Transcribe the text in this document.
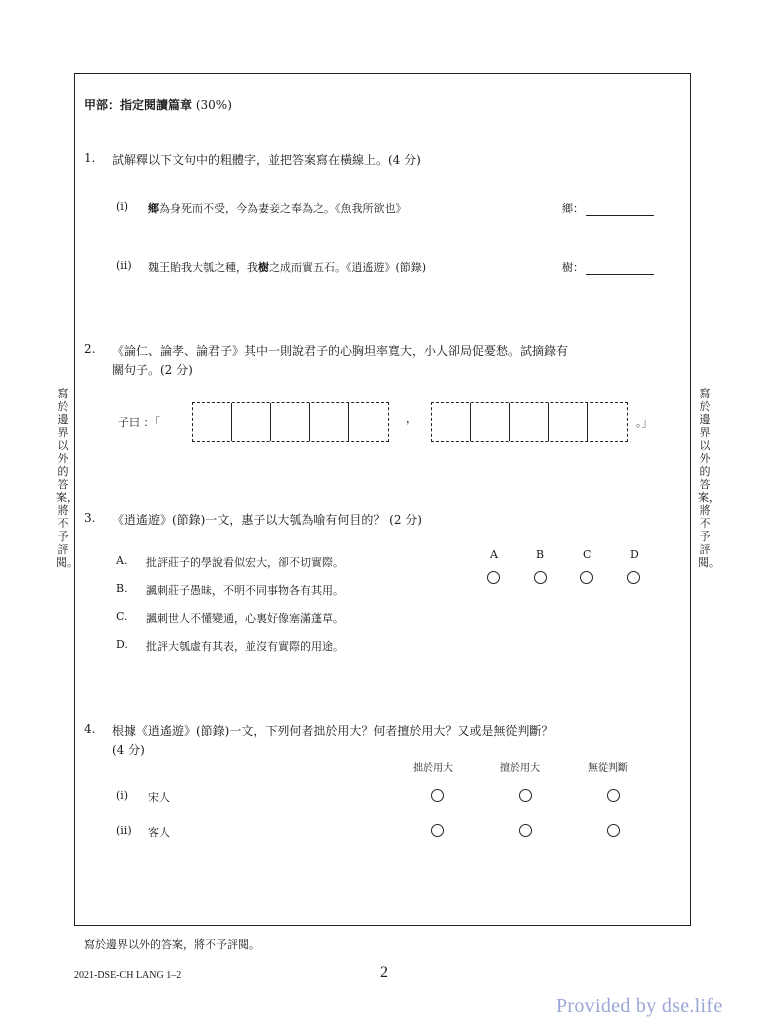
甲部：指定閱讀篇章 (30%)
1. 試解釋以下文句中的粗體字，並把答案寫在橫線上。(4 分)
(i) 鄉為身死而不受，今為妻妾之奉為之。《魚我所欲也》	鄉：
(ii) 魏王貽我大瓠之種，我樹之成而實五石。《逍遙遊》(節錄)	樹：
2. 《論仁、論孝、論君子》其中一則說君子的心胸坦率寬大，小人卻局促憂愁。試摘錄有
關句子。(2 分)
子曰 ：「	，	。」
3. 《逍遙遊》(節錄)一文，惠子以大瓠為喻有何目的？ (2 分)
A. 批評莊子的學說看似宏大，卻不切實際。
B. 諷刺莊子愚昧，不明不同事物各有其用。
C. 諷刺世人不懂變通，心裏好像塞滿蓬草。
D. 批評大瓠虛有其表，並沒有實際的用途。
A	B	C	D
4. 根據《逍遙遊》(節錄)一文，下列何者拙於用大？何者擅於用大？又或是無從判斷？
(4 分)
拙於用大	擅於用大	無從判斷
(i) 宋人
(ii) 客人
寫於邊界以外的答案，將不予評閱。
寫於邊界以外的答案，將不予評閱。
寫於邊界以外的答案，將不予評閱。
2021-DSE-CH LANG 1–2	2
Provided by dse.life
